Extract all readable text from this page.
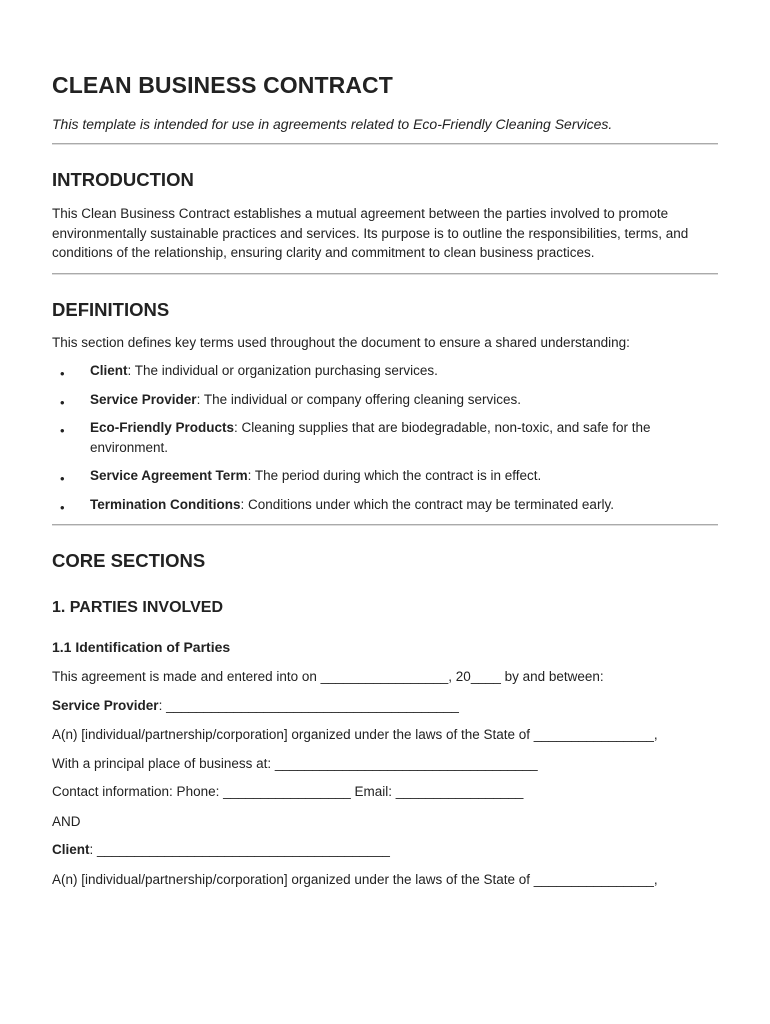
CLEAN BUSINESS CONTRACT
This template is intended for use in agreements related to Eco-Friendly Cleaning Services.
INTRODUCTION

This Clean Business Contract establishes a mutual agreement between the parties involved to promote environmentally sustainable practices and services. Its purpose is to outline the responsibilities, terms, and conditions of the relationship, ensuring clarity and commitment to clean business practices.

DEFINITIONS

This section defines key terms used throughout the document to ensure a shared understanding:

• Client: The individual or organization purchasing services.
• Service Provider: The individual or company offering cleaning services.
• Eco-Friendly Products: Cleaning supplies that are biodegradable, non-toxic, and safe for the environment.
• Service Agreement Term: The period during which the contract is in effect.
• Termination Conditions: Conditions under which the contract may be terminated early.
CORE SECTIONS
1. PARTIES INVOLVED
1.1 Identification of Parties

This agreement is made and entered into on _________________, 20____ by and between:

Service Provider: _______________________________________

A(n) [individual/partnership/corporation] organized under the laws of the State of ________________,

With a principal place of business at: ___________________________________

Contact information: Phone: _________________ Email: _________________

AND

Client: _______________________________________

A(n) [individual/partnership/corporation] organized under the laws of the State of ________________,
